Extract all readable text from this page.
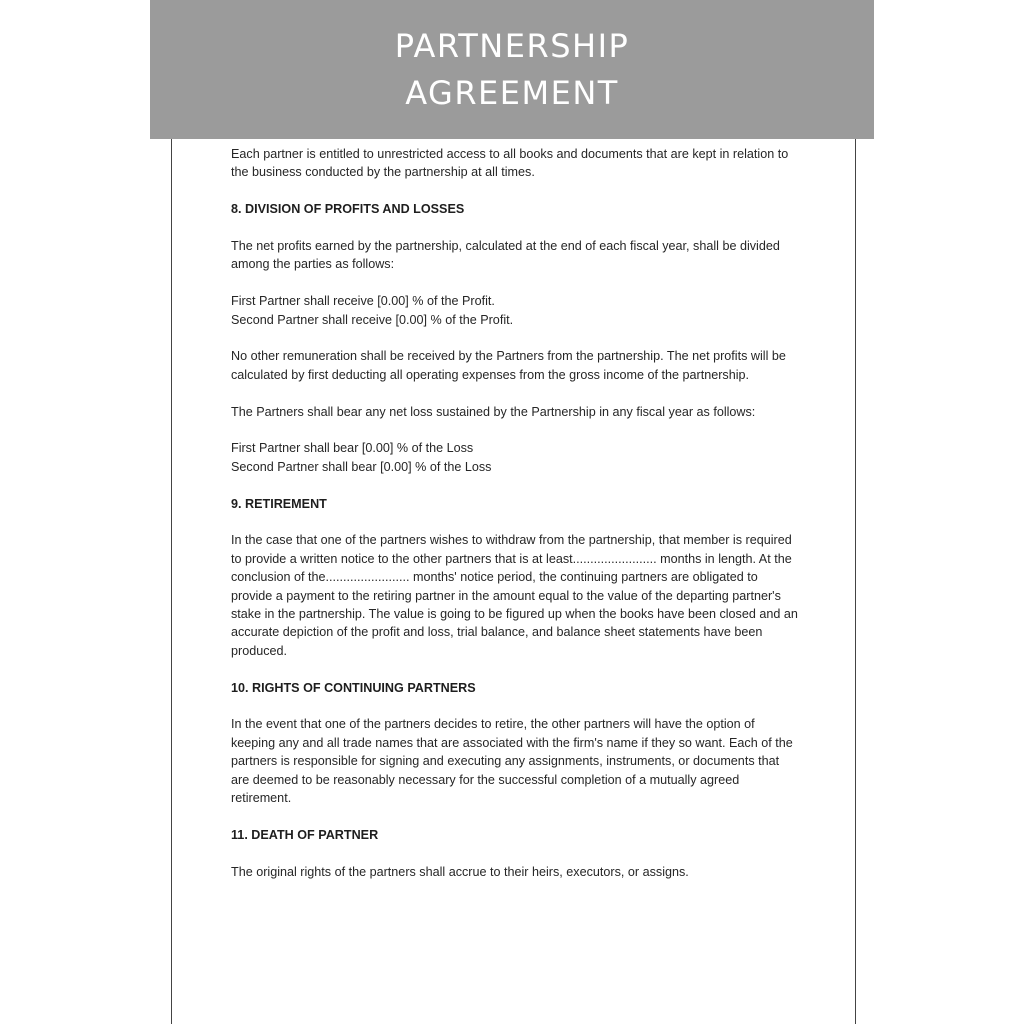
PARTNERSHIP
AGREEMENT

Each partner is entitled to unrestricted access to all books and documents that are kept in relation to the business conducted by the partnership at all times.

8. DIVISION OF PROFITS AND LOSSES

The net profits earned by the partnership, calculated at the end of each fiscal year, shall be divided among the parties as follows:

First Partner shall receive [0.00] % of the Profit.
Second Partner shall receive [0.00] % of the Profit.

No other remuneration shall be received by the Partners from the partnership. The net profits will be calculated by first deducting all operating expenses from the gross income of the partnership.

The Partners shall bear any net loss sustained by the Partnership in any fiscal year as follows:

First Partner shall bear [0.00] % of the Loss
Second Partner shall bear [0.00] % of the Loss

9. RETIREMENT

In the case that one of the partners wishes to withdraw from the partnership, that member is required to provide a written notice to the other partners that is at least........................ months in length. At the conclusion of the........................ months' notice period, the continuing partners are obligated to provide a payment to the retiring partner in the amount equal to the value of the departing partner's stake in the partnership. The value is going to be figured up when the books have been closed and an accurate depiction of the profit and loss, trial balance, and balance sheet statements have been produced.

10. RIGHTS OF CONTINUING PARTNERS

In the event that one of the partners decides to retire, the other partners will have the option of keeping any and all trade names that are associated with the firm's name if they so want. Each of the partners is responsible for signing and executing any assignments, instruments, or documents that are deemed to be reasonably necessary for the successful completion of a mutually agreed retirement.

11. DEATH OF PARTNER

The original rights of the partners shall accrue to their heirs, executors, or assigns.
